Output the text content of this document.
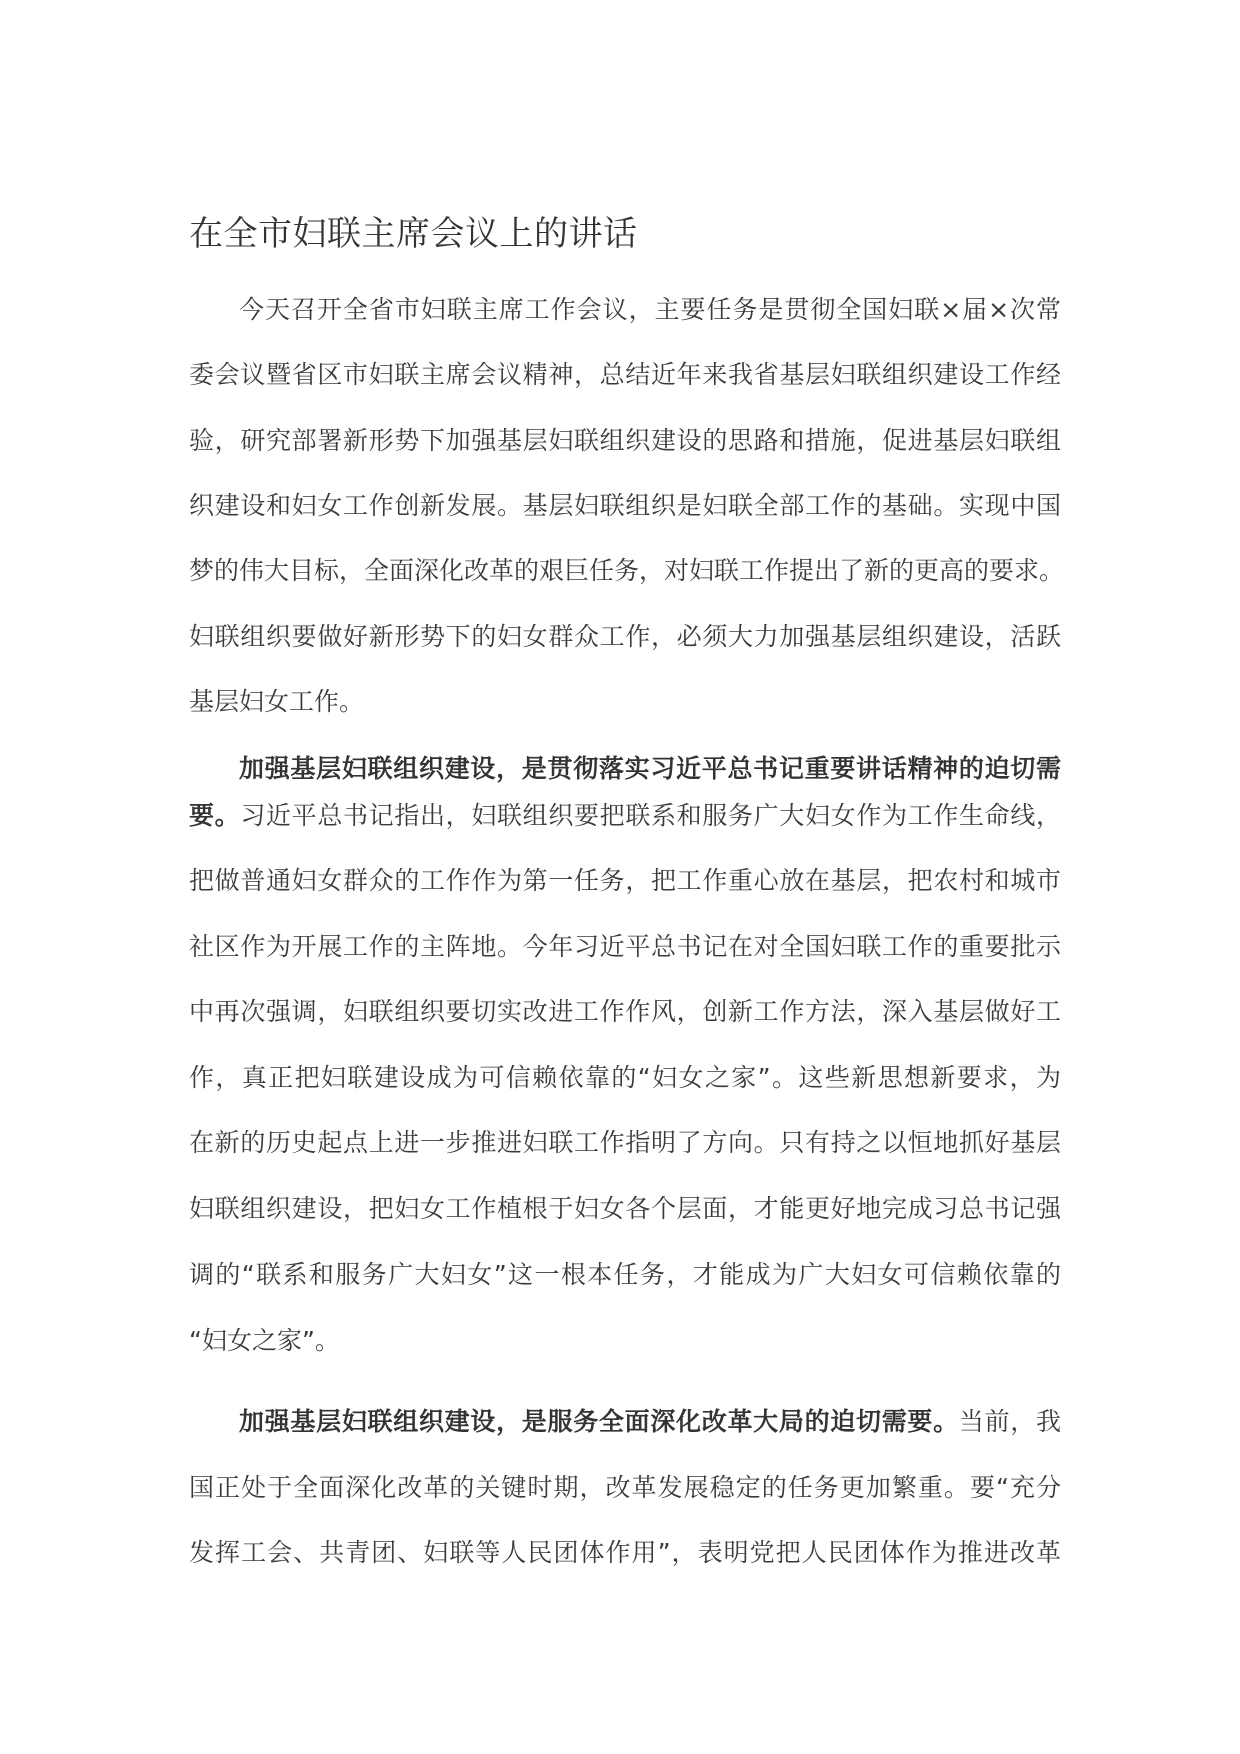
在全市妇联主席会议上的讲话
今天召开全省市妇联主席工作会议，主要任务是贯彻全国妇联×届×次常
委会议暨省区市妇联主席会议精神，总结近年来我省基层妇联组织建设工作经
验，研究部署新形势下加强基层妇联组织建设的思路和措施，促进基层妇联组
织建设和妇女工作创新发展。基层妇联组织是妇联全部工作的基础。实现中国
梦的伟大目标，全面深化改革的艰巨任务，对妇联工作提出了新的更高的要求。
妇联组织要做好新形势下的妇女群众工作，必须大力加强基层组织建设，活跃
基层妇女工作。
加强基层妇联组织建设，是贯彻落实习近平总书记重要讲话精神的迫切需
要。习近平总书记指出，妇联组织要把联系和服务广大妇女作为工作生命线，
把做普通妇女群众的工作作为第一任务，把工作重心放在基层，把农村和城市
社区作为开展工作的主阵地。今年习近平总书记在对全国妇联工作的重要批示
中再次强调，妇联组织要切实改进工作作风，创新工作方法，深入基层做好工
作，真正把妇联建设成为可信赖依靠的“妇女之家”。这些新思想新要求，为
在新的历史起点上进一步推进妇联工作指明了方向。只有持之以恒地抓好基层
妇联组织建设，把妇女工作植根于妇女各个层面，才能更好地完成习总书记强
调的“联系和服务广大妇女”这一根本任务，才能成为广大妇女可信赖依靠的
“妇女之家”。
加强基层妇联组织建设，是服务全面深化改革大局的迫切需要。当前，我
国正处于全面深化改革的关键时期，改革发展稳定的任务更加繁重。要“充分
发挥工会、共青团、妇联等人民团体作用”，表明党把人民团体作为推进改革
